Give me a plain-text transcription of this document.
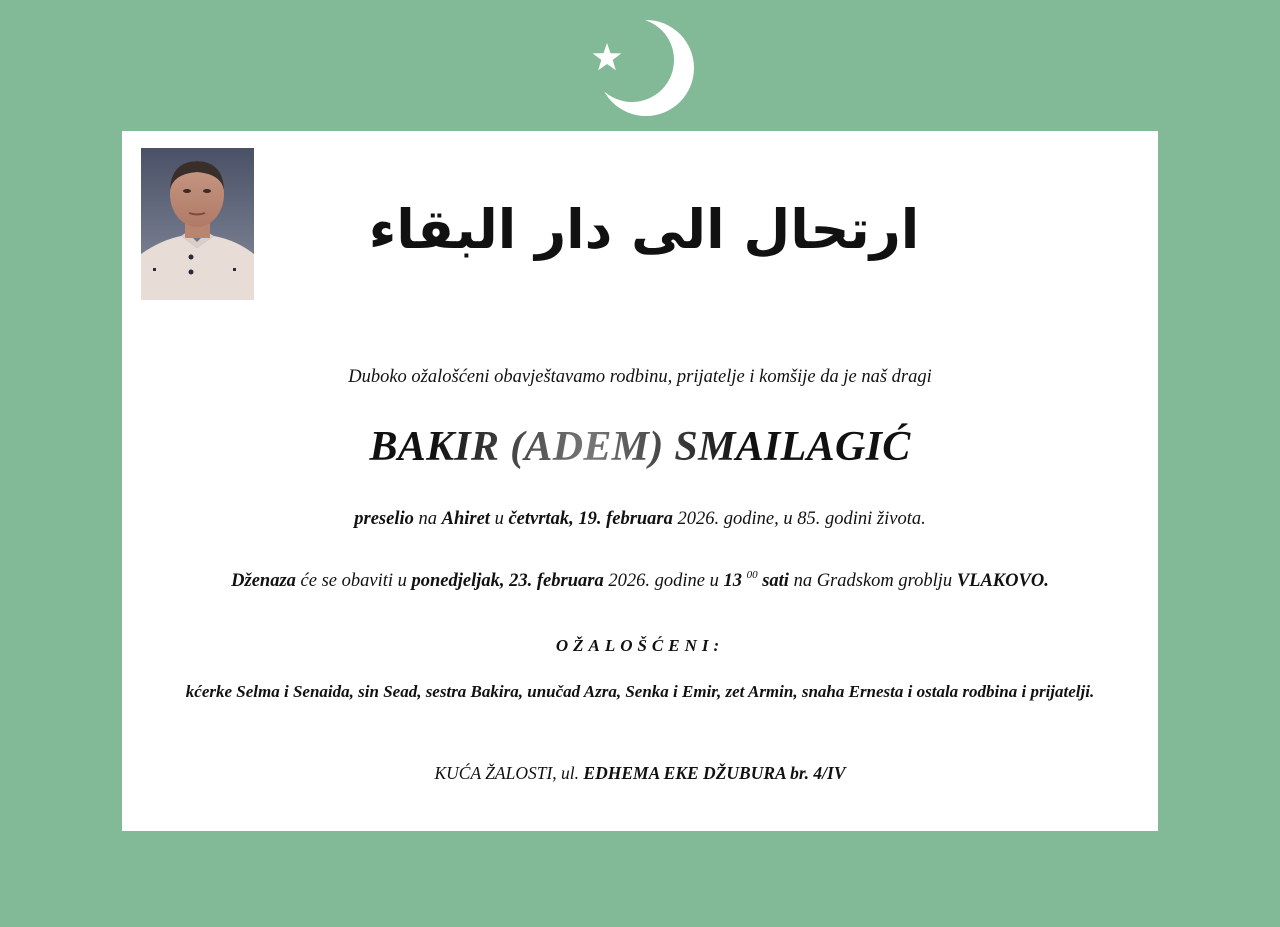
ارتحال الى دار البقاء
Duboko ožalošćeni obavještavamo rodbinu, prijatelje i komšije da je naš dragi
BAKIR (ADEM) SMAILAGIĆ
preselio na Ahiret u četvrtak, 19. februara 2026. godine, u 85. godini života.
Dženaza će se obaviti u ponedjeljak, 23. februara 2026. godine u 13 $^{00}$ sati na Gradskom groblju VLAKOVO.
OŽALOŠĆENI:
kćerke Selma i Senaida, sin Sead, sestra Bakira, unučad Azra, Senka i Emir, zet Armin, snaha Ernesta i ostala rodbina i prijatelji.
KUĆA ŽALOSTI, ul. EDHEMA EKE DŽUBURA br. 4/IV
